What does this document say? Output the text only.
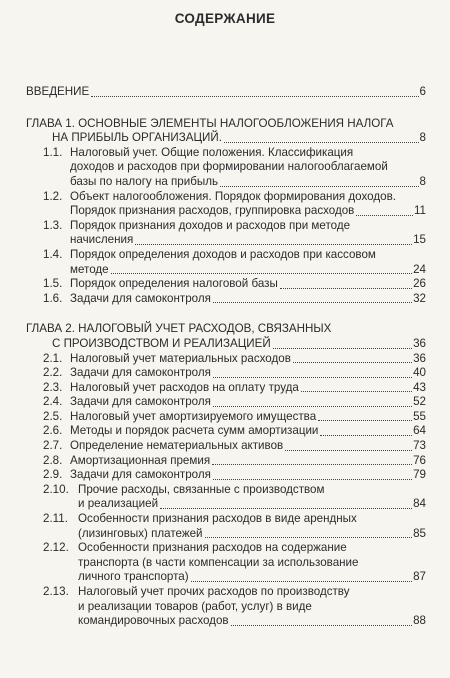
СОДЕРЖАНИЕ
ВВЕДЕНИЕ	6
ГЛАВА 1. ОСНОВНЫЕ ЭЛЕМЕНТЫ НАЛОГООБЛОЖЕНИЯ НАЛОГА
НА ПРИБЫЛЬ ОРГАНИЗАЦИЙ.	8
1.1. Налоговый учет. Общие положения. Классификация
доходов и расходов при формировании налогооблагаемой
базы по налогу на прибыль	8
1.2. Объект налогообложения. Порядок формирования доходов.
Порядок признания расходов, группировка расходов	11
1.3. Порядок признания доходов и расходов при методе
начисления	15
1.4. Порядок определения доходов и расходов при кассовом
методе	24
1.5. Порядок определения налоговой базы	26
1.6. Задачи для самоконтроля	32
ГЛАВА 2. НАЛОГОВЫЙ УЧЕТ РАСХОДОВ, СВЯЗАННЫХ
С ПРОИЗВОДСТВОМ И РЕАЛИЗАЦИЕЙ	36
2.1. Налоговый учет материальных расходов	36
2.2. Задачи для самоконтроля	40
2.3. Налоговый учет расходов на оплату труда	43
2.4. Задачи для самоконтроля	52
2.5. Налоговый учет амортизируемого имущества	55
2.6. Методы и порядок расчета сумм амортизации	64
2.7. Определение нематериальных активов	73
2.8. Амортизационная премия	76
2.9. Задачи для самоконтроля	79
2.10. Прочие расходы, связанные с производством
и реализацией	84
2.11. Особенности признания расходов в виде арендных
(лизинговых) платежей	85
2.12. Особенности признания расходов на содержание
транспорта (в части компенсации за использование
личного транспорта)	87
2.13. Налоговый учет прочих расходов по производству
и реализации товаров (работ, услуг) в виде
командировочных расходов	88
